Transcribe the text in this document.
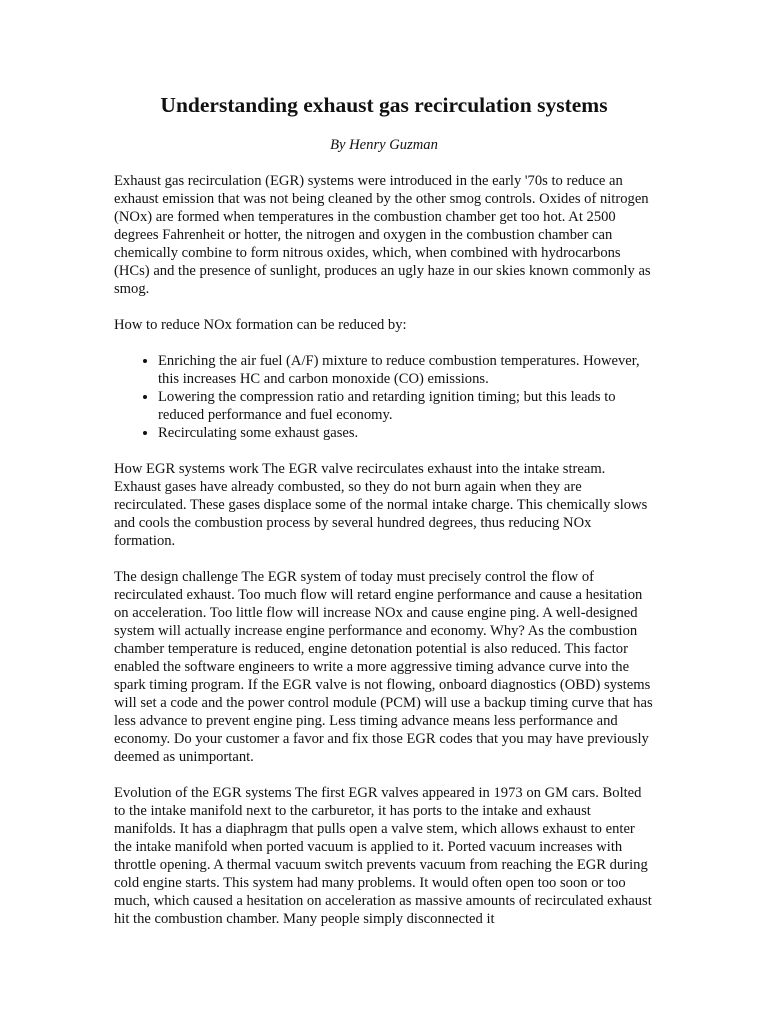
Understanding exhaust gas recirculation systems

By Henry Guzman

Exhaust gas recirculation (EGR) systems were introduced in the early '70s to reduce an exhaust emission that was not being cleaned by the other smog controls. Oxides of nitrogen (NOx) are formed when temperatures in the combustion chamber get too hot. At 2500 degrees Fahrenheit or hotter, the nitrogen and oxygen in the combustion chamber can chemically combine to form nitrous oxides, which, when combined with hydrocarbons (HCs) and the presence of sunlight, produces an ugly haze in our skies known commonly as smog.

How to reduce NOx formation can be reduced by:

• Enriching the air fuel (A/F) mixture to reduce combustion temperatures. However, this increases HC and carbon monoxide (CO) emissions.
• Lowering the compression ratio and retarding ignition timing; but this leads to reduced performance and fuel economy.
• Recirculating some exhaust gases.

How EGR systems work The EGR valve recirculates exhaust into the intake stream. Exhaust gases have already combusted, so they do not burn again when they are recirculated. These gases displace some of the normal intake charge. This chemically slows and cools the combustion process by several hundred degrees, thus reducing NOx formation.

The design challenge The EGR system of today must precisely control the flow of recirculated exhaust. Too much flow will retard engine performance and cause a hesitation on acceleration. Too little flow will increase NOx and cause engine ping. A well-designed system will actually increase engine performance and economy. Why? As the combustion chamber temperature is reduced, engine detonation potential is also reduced. This factor enabled the software engineers to write a more aggressive timing advance curve into the spark timing program. If the EGR valve is not flowing, onboard diagnostics (OBD) systems will set a code and the power control module (PCM) will use a backup timing curve that has less advance to prevent engine ping. Less timing advance means less performance and economy. Do your customer a favor and fix those EGR codes that you may have previously deemed as unimportant.

Evolution of the EGR systems The first EGR valves appeared in 1973 on GM cars. Bolted to the intake manifold next to the carburetor, it has ports to the intake and exhaust manifolds. It has a diaphragm that pulls open a valve stem, which allows exhaust to enter the intake manifold when ported vacuum is applied to it. Ported vacuum increases with throttle opening. A thermal vacuum switch prevents vacuum from reaching the EGR during cold engine starts. This system had many problems. It would often open too soon or too much, which caused a hesitation on acceleration as massive amounts of recirculated exhaust hit the combustion chamber. Many people simply disconnected it
